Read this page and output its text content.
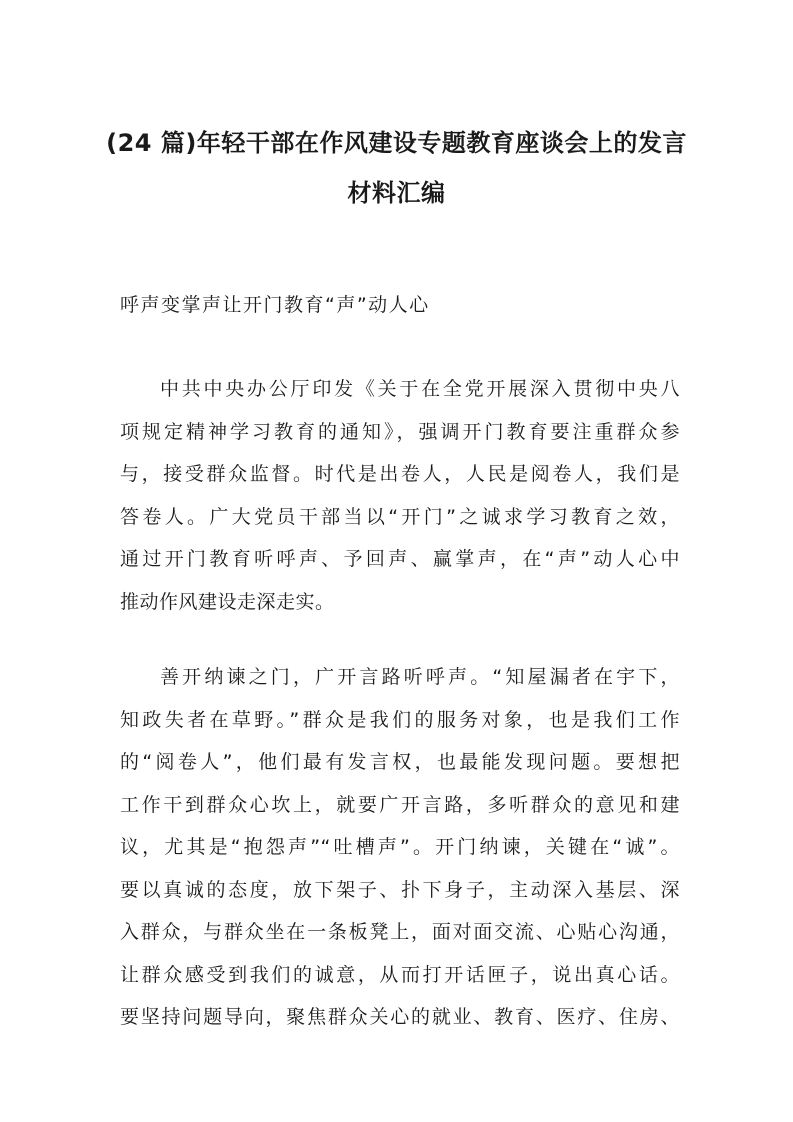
(24 篇)年轻干部在作风建设专题教育座谈会上的发言
材料汇编
呼声变掌声让开门教育“声”动人心
中共中央办公厅印发《关于在全党开展深入贯彻中央八
项规定精神学习教育的通知》，强调开门教育要注重群众参
与，接受群众监督。时代是出卷人，人民是阅卷人，我们是
答卷人。广大党员干部当以“开门”之诚求学习教育之效，
通过开门教育听呼声、予回声、赢掌声，在“声”动人心中
推动作风建设走深走实。
善开纳谏之门，广开言路听呼声。“知屋漏者在宇下，
知政失者在草野。”群众是我们的服务对象，也是我们工作
的“阅卷人”，他们最有发言权，也最能发现问题。要想把
工作干到群众心坎上，就要广开言路，多听群众的意见和建
议，尤其是“抱怨声”“吐槽声”。开门纳谏，关键在“诚”。
要以真诚的态度，放下架子、扑下身子，主动深入基层、深
入群众，与群众坐在一条板凳上，面对面交流、心贴心沟通，
让群众感受到我们的诚意，从而打开话匣子，说出真心话。
要坚持问题导向，聚焦群众关心的就业、教育、医疗、住房、
